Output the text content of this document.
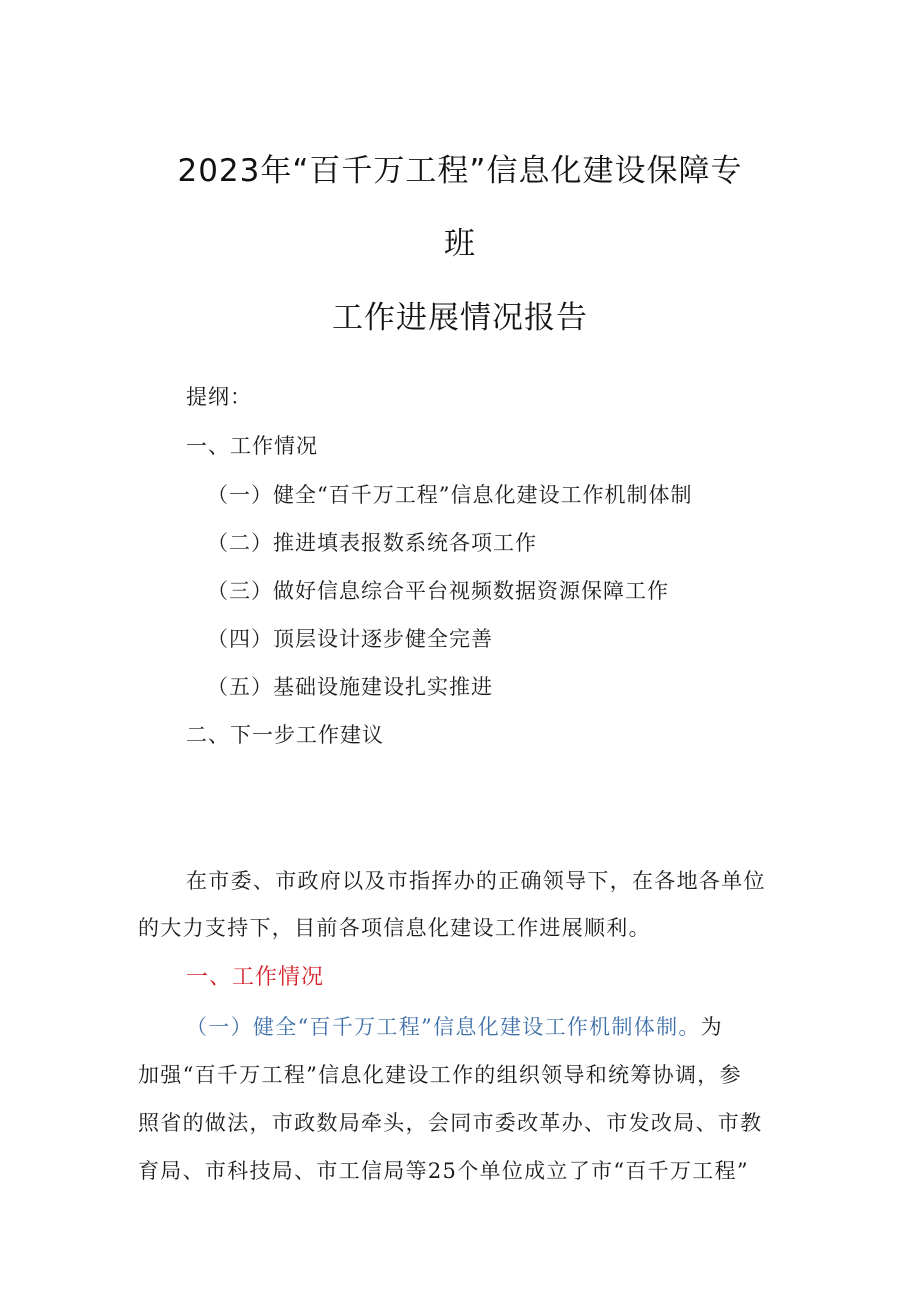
2023年“百千万工程”信息化建设保障专
班
工作进展情况报告
提纲：
一、工作情况
（一）健全“百千万工程”信息化建设工作机制体制
（二）推进填表报数系统各项工作
（三）做好信息综合平台视频数据资源保障工作
（四）顶层设计逐步健全完善
（五）基础设施建设扎实推进
二、下一步工作建议
在市委、市政府以及市指挥办的正确领导下，在各地各单位
的大力支持下，目前各项信息化建设工作进展顺利。
一、工作情况
（一）健全“百千万工程”信息化建设工作机制体制。为
加强“百千万工程”信息化建设工作的组织领导和统筹协调，参
照省的做法，市政数局牵头，会同市委改革办、市发改局、市教
育局、市科技局、市工信局等25个单位成立了市“百千万工程”
